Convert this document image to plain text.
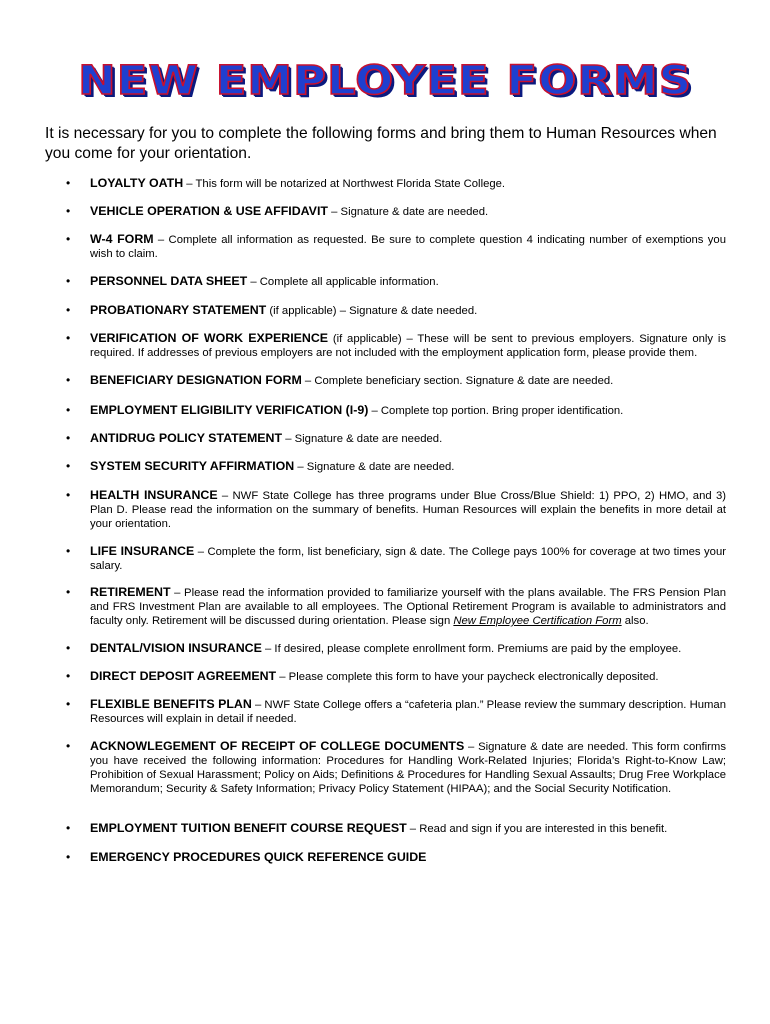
NEW EMPLOYEE FORMS
It is necessary for you to complete the following forms and bring them to Human Resources when you come for your orientation.
• LOYALTY OATH – This form will be notarized at Northwest Florida State College.
• VEHICLE OPERATION & USE AFFIDAVIT – Signature & date are needed.
• W-4 FORM – Complete all information as requested. Be sure to complete question 4 indicating number of exemptions you wish to claim.
• PERSONNEL DATA SHEET – Complete all applicable information.
• PROBATIONARY STATEMENT (if applicable) – Signature & date needed.
• VERIFICATION OF WORK EXPERIENCE (if applicable) – These will be sent to previous employers. Signature only is required. If addresses of previous employers are not included with the employment application form, please provide them.
• BENEFICIARY DESIGNATION FORM – Complete beneficiary section. Signature & date are needed.
• EMPLOYMENT ELIGIBILITY VERIFICATION (I-9) – Complete top portion. Bring proper identification.
• ANTIDRUG POLICY STATEMENT – Signature & date are needed.
• SYSTEM SECURITY AFFIRMATION – Signature & date are needed.
• HEALTH INSURANCE – NWF State College has three programs under Blue Cross/Blue Shield: 1) PPO, 2) HMO, and 3) Plan D. Please read the information on the summary of benefits. Human Resources will explain the benefits in more detail at your orientation.
• LIFE INSURANCE – Complete the form, list beneficiary, sign & date. The College pays 100% for coverage at two times your salary.
• RETIREMENT – Please read the information provided to familiarize yourself with the plans available. The FRS Pension Plan and FRS Investment Plan are available to all employees. The Optional Retirement Program is available to administrators and faculty only. Retirement will be discussed during orientation. Please sign New Employee Certification Form also.
• DENTAL/VISION INSURANCE – If desired, please complete enrollment form. Premiums are paid by the employee.
• DIRECT DEPOSIT AGREEMENT – Please complete this form to have your paycheck electronically deposited.
• FLEXIBLE BENEFITS PLAN – NWF State College offers a “cafeteria plan.” Please review the summary description. Human Resources will explain in detail if needed.
• ACKNOWLEGEMENT OF RECEIPT OF COLLEGE DOCUMENTS – Signature & date are needed. This form confirms you have received the following information: Procedures for Handling Work-Related Injuries; Florida’s Right-to-Know Law; Prohibition of Sexual Harassment; Policy on Aids; Definitions & Procedures for Handling Sexual Assaults; Drug Free Workplace Memorandum; Security & Safety Information; Privacy Policy Statement (HIPAA); and the Social Security Notification.
• EMPLOYMENT TUITION BENEFIT COURSE REQUEST – Read and sign if you are interested in this benefit.
• EMERGENCY PROCEDURES QUICK REFERENCE GUIDE
